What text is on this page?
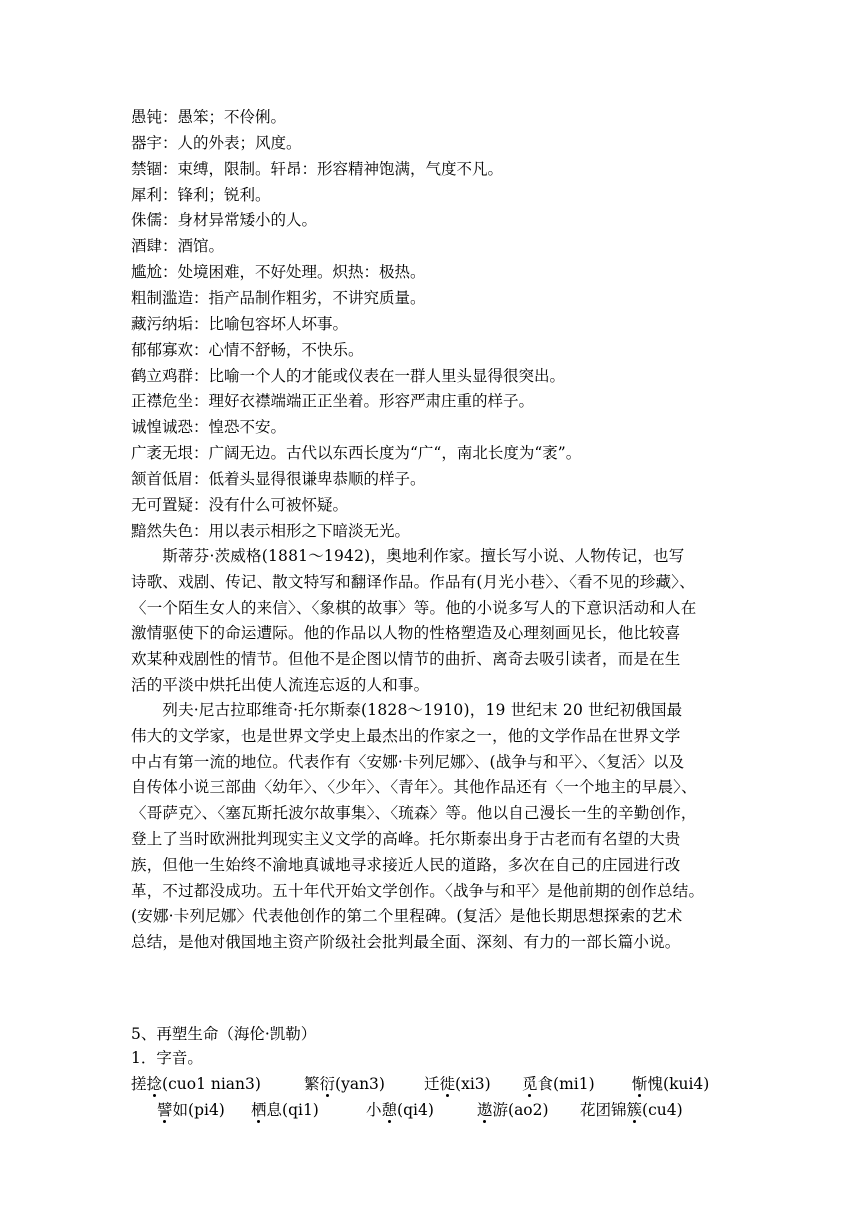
愚钝：愚笨；不伶俐。
器宇：人的外表；风度。
禁锢：束缚，限制。轩昂：形容精神饱满，气度不凡。
犀利：锋利；锐利。
侏儒：身材异常矮小的人。
酒肆：酒馆。
尴尬：处境困难，不好处理。炽热：极热。
粗制滥造：指产品制作粗劣，不讲究质量。
藏污纳垢：比喻包容坏人坏事。
郁郁寡欢：心情不舒畅，不快乐。
鹤立鸡群：比喻一个人的才能或仪表在一群人里头显得很突出。
正襟危坐：理好衣襟端端正正坐着。形容严肃庄重的样子。
诚惶诚恐：惶恐不安。
广袤无垠：广阔无边。古代以东西长度为“广“，南北长度为“袤”。
颔首低眉：低着头显得很谦卑恭顺的样子。
无可置疑：没有什么可被怀疑。
黯然失色：用以表示相形之下暗淡无光。
　　斯蒂芬·茨威格(1881～1942)，奥地利作家。擅长写小说、人物传记，也写
诗歌、戏剧、传记、散文特写和翻译作品。作品有(月光小巷〉、〈看不见的珍藏〉、
〈一个陌生女人的来信〉、〈象棋的故事〉等。他的小说多写人的下意识活动和人在
激情驱使下的命运遭际。他的作品以人物的性格塑造及心理刻画见长，他比较喜
欢某种戏剧性的情节。但他不是企图以情节的曲折、离奇去吸引读者，而是在生
活的平淡中烘托出使人流连忘返的人和事。
　　列夫·尼古拉耶维奇·托尔斯泰(1828～1910)，19 世纪末 20 世纪初俄国最
伟大的文学家，也是世界文学史上最杰出的作家之一，他的文学作品在世界文学
中占有第一流的地位。代表作有〈安娜·卡列尼娜〉、(战争与和平〉、〈复活〉以及
自传体小说三部曲〈幼年〉、〈少年〉、〈青年〉。其他作品还有〈一个地主的早晨〉、
〈哥萨克〉、〈塞瓦斯托波尔故事集〉、〈琉森〉等。他以自己漫长一生的辛勤创作，
登上了当时欧洲批判现实主义文学的高峰。托尔斯泰出身于古老而有名望的大贵
族，但他一生始终不渝地真诚地寻求接近人民的道路，多次在自己的庄园进行改
革，不过都没成功。五十年代开始文学创作。〈战争与和平〉是他前期的创作总结。
(安娜·卡列尼娜〉代表他创作的第二个里程碑。(复活〉是他长期思想探索的艺术
总结，是他对俄国地主资产阶级社会批判最全面、深刻、有力的一部长篇小说。
5、再塑生命（海伦·凯勒）
1．字音。
搓捻(cuo1 nian3)	繁衍(yan3)	迁徙(xi3) 觅食(mi1) 惭愧(kui4)
譬如(pi4) 栖息(qi1)	小憩(qi4)	遨游(ao2) 花团锦簇(cu4)
